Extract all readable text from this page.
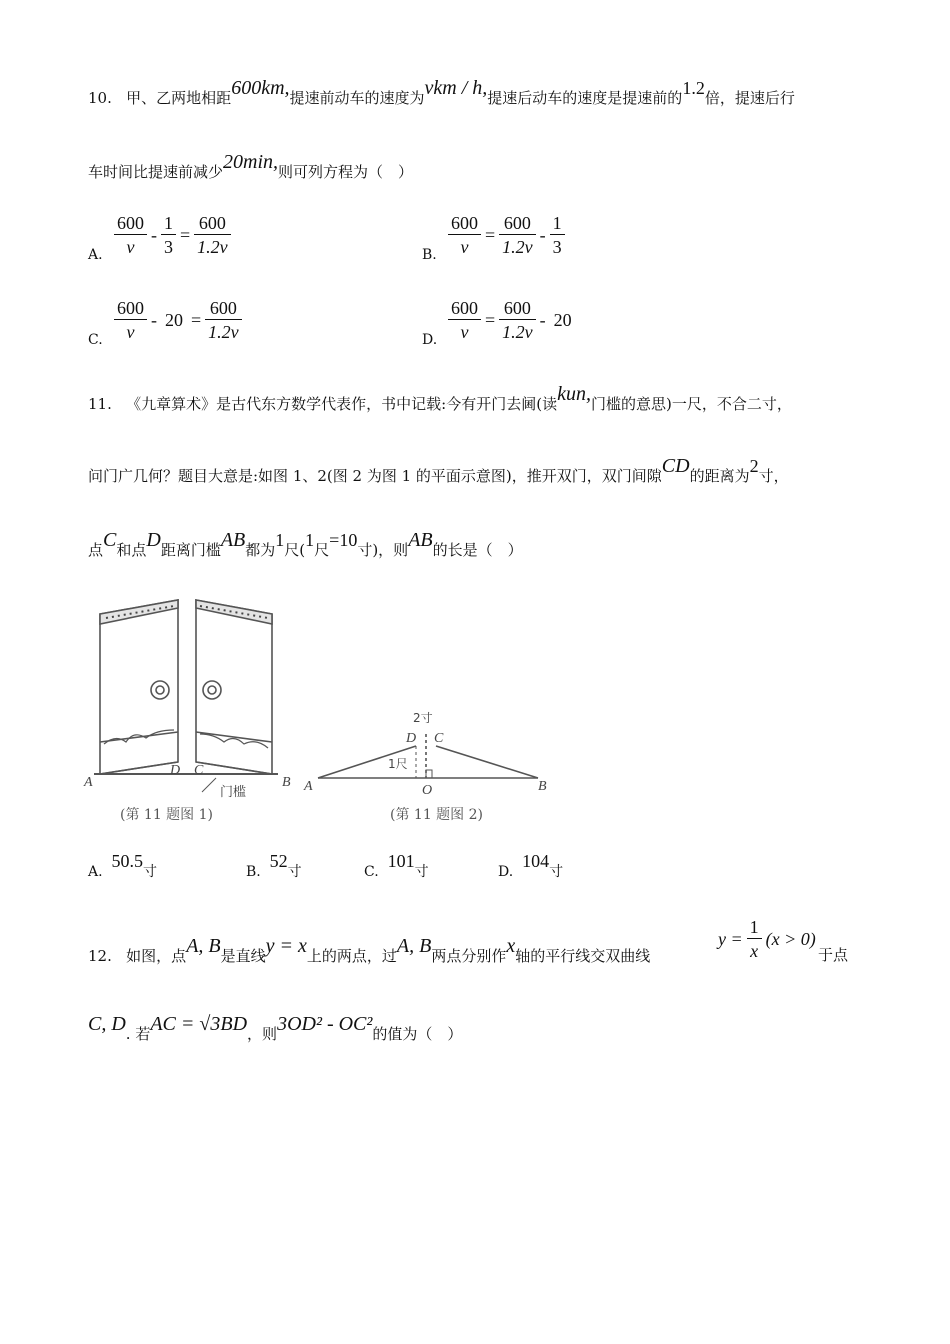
10. 甲、乙两地相距600km,提速前动车的速度为vkm / h,提速后动车的速度是提速前的1.2倍，提速后行
车时间比提速前减少20min,则可列方程为（　）
A. $\frac{600}{v} - \frac{1}{3} = \frac{600}{1.2v}$	B. $\frac{600}{v} = \frac{600}{1.2v} - \frac{1}{3}$
C. $\frac{600}{v} - 20 = \frac{600}{1.2v}$	D. $\frac{600}{v} = \frac{600}{1.2v} - 20$
11. 《九章算术》是古代东方数学代表作，书中记载:今有开门去阃(读kun,门槛的意思)一尺，不合二寸，
问门广几何？题目大意是:如图 1、2(图 2 为图 1 的平面示意图)，推开双门，双门间隙CD的距离为2寸，
点C和点D距离门槛AB都为1尺(1尺=10寸)，则AB的长是（　）
A	B
D C
门槛
(第 11 题图 1)
2寸
D C
1尺
A	O	B
(第 11 题图 2)
A.  50.5寸	B.  52寸	C.  101寸	D.  104寸
12. 如图，点A, B是直线y = x上的两点，过A, B两点分别作x轴的平行线交双曲线
$y = \frac{1}{x} (x > 0)$
于点
C, D. 若AC = √3BD，则3OD² - OC²的值为（　）
